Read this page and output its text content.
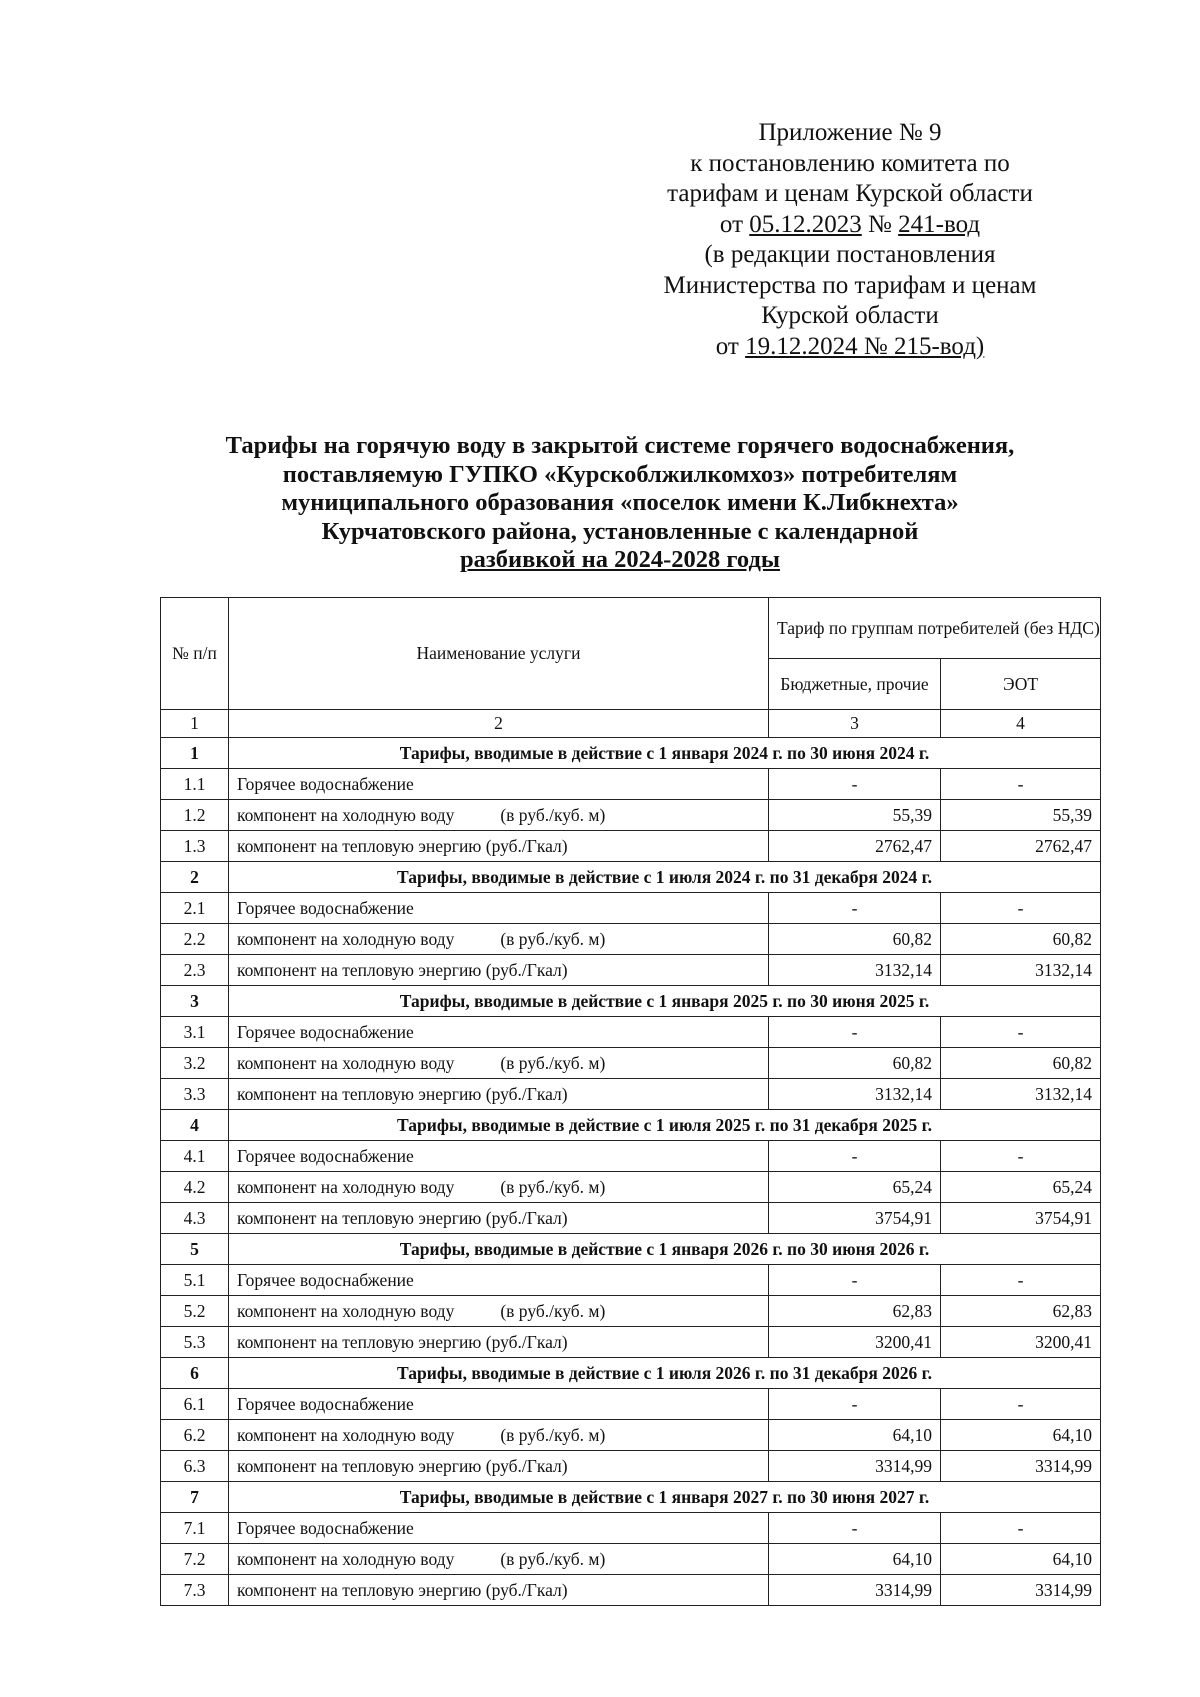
Приложение № 9
к постановлению комитета по
тарифам и ценам Курской области
от 05.12.2023 № 241-вод
(в редакции постановления
Министерства по тарифам и ценам
Курской области
от 19.12.2024 № 215-вод)
Тарифы на горячую воду в закрытой системе горячего водоснабжения,
поставляемую ГУПКО «Курскоблжилкомхоз» потребителям
муниципального образования «поселок имени К.Либкнехта»
Курчатовского района, установленные с календарной
разбивкой на 2024-2028 годы
№ п/п	Наименование услуги	Тариф по группам потребителей (без НДС)	
		Бюджетные, прочие	ЭОТ
1	2	3	4
1	Тарифы, вводимые в действие с 1 января 2024 г. по 30 июня 2024 г.		
1.1	Горячее водоснабжение	-	-
1.2	компонент на холодную воду (в руб./куб. м)	55,39	55,39
1.3	компонент на тепловую энергию (руб./Гкал)	2762,47	2762,47
2	Тарифы, вводимые в действие с 1 июля 2024 г. по 31 декабря 2024 г.		
2.1	Горячее водоснабжение	-	-
2.2	компонент на холодную воду (в руб./куб. м)	60,82	60,82
2.3	компонент на тепловую энергию (руб./Гкал)	3132,14	3132,14
3	Тарифы, вводимые в действие с 1 января 2025 г. по 30 июня 2025 г.		
3.1	Горячее водоснабжение	-	-
3.2	компонент на холодную воду (в руб./куб. м)	60,82	60,82
3.3	компонент на тепловую энергию (руб./Гкал)	3132,14	3132,14
4	Тарифы, вводимые в действие с 1 июля 2025 г. по 31 декабря 2025 г.		
4.1	Горячее водоснабжение	-	-
4.2	компонент на холодную воду (в руб./куб. м)	65,24	65,24
4.3	компонент на тепловую энергию (руб./Гкал)	3754,91	3754,91
5	Тарифы, вводимые в действие с 1 января 2026 г. по 30 июня 2026 г.		
5.1	Горячее водоснабжение	-	-
5.2	компонент на холодную воду (в руб./куб. м)	62,83	62,83
5.3	компонент на тепловую энергию (руб./Гкал)	3200,41	3200,41
6	Тарифы, вводимые в действие с 1 июля 2026 г. по 31 декабря 2026 г.		
6.1	Горячее водоснабжение	-	-
6.2	компонент на холодную воду (в руб./куб. м)	64,10	64,10
6.3	компонент на тепловую энергию (руб./Гкал)	3314,99	3314,99
7	Тарифы, вводимые в действие с 1 января 2027 г. по 30 июня 2027 г.		
7.1	Горячее водоснабжение	-	-
7.2	компонент на холодную воду (в руб./куб. м)	64,10	64,10
7.3	компонент на тепловую энергию (руб./Гкал)	3314,99	3314,99
